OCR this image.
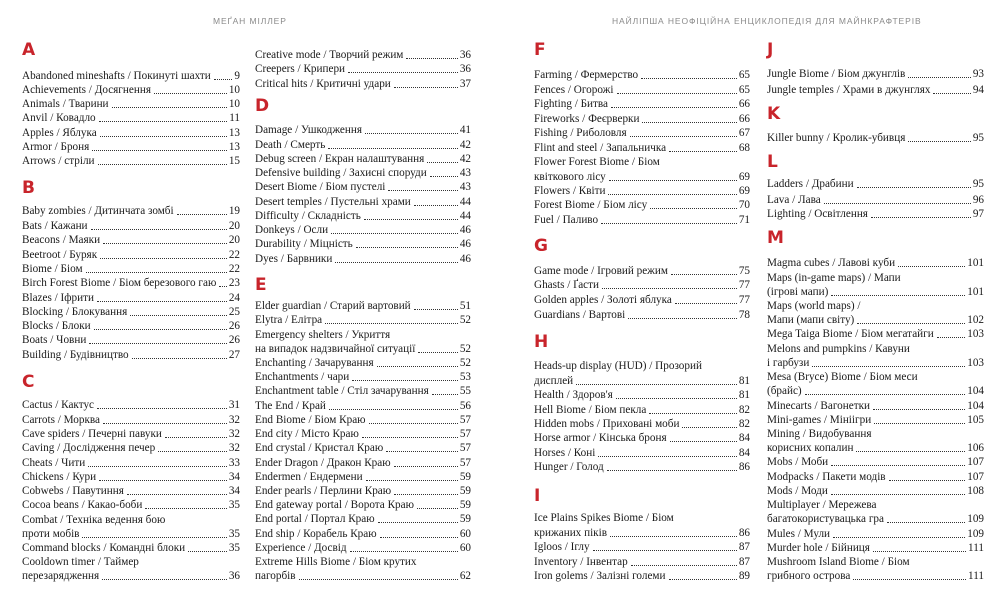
МЕҐАН МІЛЛЕР	НАЙЛІПША НЕОФІЦІЙНА ЕНЦИКЛОПЕДІЯ ДЛЯ МАЙНКРАФТЕРІВ
A
Abandoned mineshafts / Покинуті шахти 9
Achievements / Досягнення	10
Animals / Тварини	10
Anvil / Ковадло	11
Apples / Яблука	13
Armor / Броня	13
Arrows / стріли	15
B
Baby zombies / Дитинчата зомбі	19
Bats / Кажани	20
Beacons / Маяки	20
Beetroot / Буряк	22
Biome / Біом	22
Birch Forest Biome / Біом березового гаю 23
Blazes / Іфрити	24
Blocking / Блокування	25
Blocks / Блоки	26
Boats / Човни	26
Building / Будівництво	27
C
Cactus / Кактус	31
Carrots / Морква	32
Cave spiders / Печерні павуки	32
Caving / Дослідження печер	32
Cheats / Чити	33
Chickens / Кури	34
Cobwebs / Павутиння	34
Cocoa beans / Какао-боби	35
Combat / Техніка ведення бою
проти мобів	35
Command blocks / Командні блоки	35
Cooldown timer / Таймер
перезарядження	36
Creative mode / Творчий режим	36
Creepers / Крипери	36
Critical hits / Критичні удари	37
D
Damage / Ушкодження	41
Death / Смерть	42
Debug screen / Екран налаштування	42
Defensive building / Захисні споруди	43
Desert Biome / Біом пустелі	43
Desert temples / Пустельні храми	44
Difficulty / Складність	44
Donkeys / Осли	46
Durability / Міцність	46
Dyes / Барвники	46
E
Elder guardian / Старий вартовий	51
Elytra / Елітра	52
Emergency shelters / Укриття
на випадок надзвичайної ситуації	52
Enchanting / Зачарування	52
Enchantments / чари	53
Enchantment table / Стіл зачарування	55
The End / Край	56
End Biome / Біом Краю	57
End city / Місто Краю	57
End crystal / Кристал Краю	57
Ender Dragon / Дракон Краю	57
Endermen / Ендермени	59
Ender pearls / Перлини Краю	59
End gateway portal / Ворота Краю	59
End portal / Портал Краю	59
End ship / Корабель Краю	60
Experience / Досвід	60
Extreme Hills Biome / Біом крутих
пагорбів	62
F
Farming / Фермерство	65
Fences / Огорожі	65
Fighting / Битва	66
Fireworks / Феєрверки	66
Fishing / Риболовля	67
Flint and steel / Запальничка	68
Flower Forest Biome / Біом
квіткового лісу	69
Flowers / Квіти	69
Forest Biome / Біом лісу	70
Fuel / Паливо	71
G
Game mode / Ігровий режим	75
Ghasts / Ґасти	77
Golden apples / Золоті яблука	77
Guardians / Вартові	78
H
Heads-up display (HUD) / Прозорий
дисплей	81
Health / Здоров'я	81
Hell Biome / Біом пекла	82
Hidden mobs / Приховані моби	82
Horse armor / Кінська броня	84
Horses / Коні	84
Hunger / Голод	86
I
Ice Plains Spikes Biome / Біом
крижаних піків	86
Igloos / Іглу	87
Inventory / Інвентар	87
Iron golems / Залізні големи	89
J
Jungle Biome / Біом джунглів	93
Jungle temples / Храми в джунглях	94
K
Killer bunny / Кролик-убивця	95
L
Ladders / Драбини	95
Lava / Лава	96
Lighting / Освітлення	97
M
Magma cubes / Лавові куби	101
Maps (in-game maps) / Мапи
(ігрові мапи)	101
Maps (world maps) /
Мапи (мапи світу)	102
Mega Taiga Biome / Біом мегатайги	103
Melons and pumpkins / Кавуни
і гарбузи	103
Mesa (Bryce) Biome / Біом меси
(брайс)	104
Minecarts / Вагонетки	104
Mini-games / Мініігри	105
Mining / Видобування
корисних копалин	106
Mobs / Моби	107
Modpacks / Пакети модів	107
Mods / Моди	108
Multiplayer / Мережева
багатокористувацька гра	109
Mules / Мули	109
Murder hole / Бійниця	111
Mushroom Island Biome / Біом
грибного острова	111
